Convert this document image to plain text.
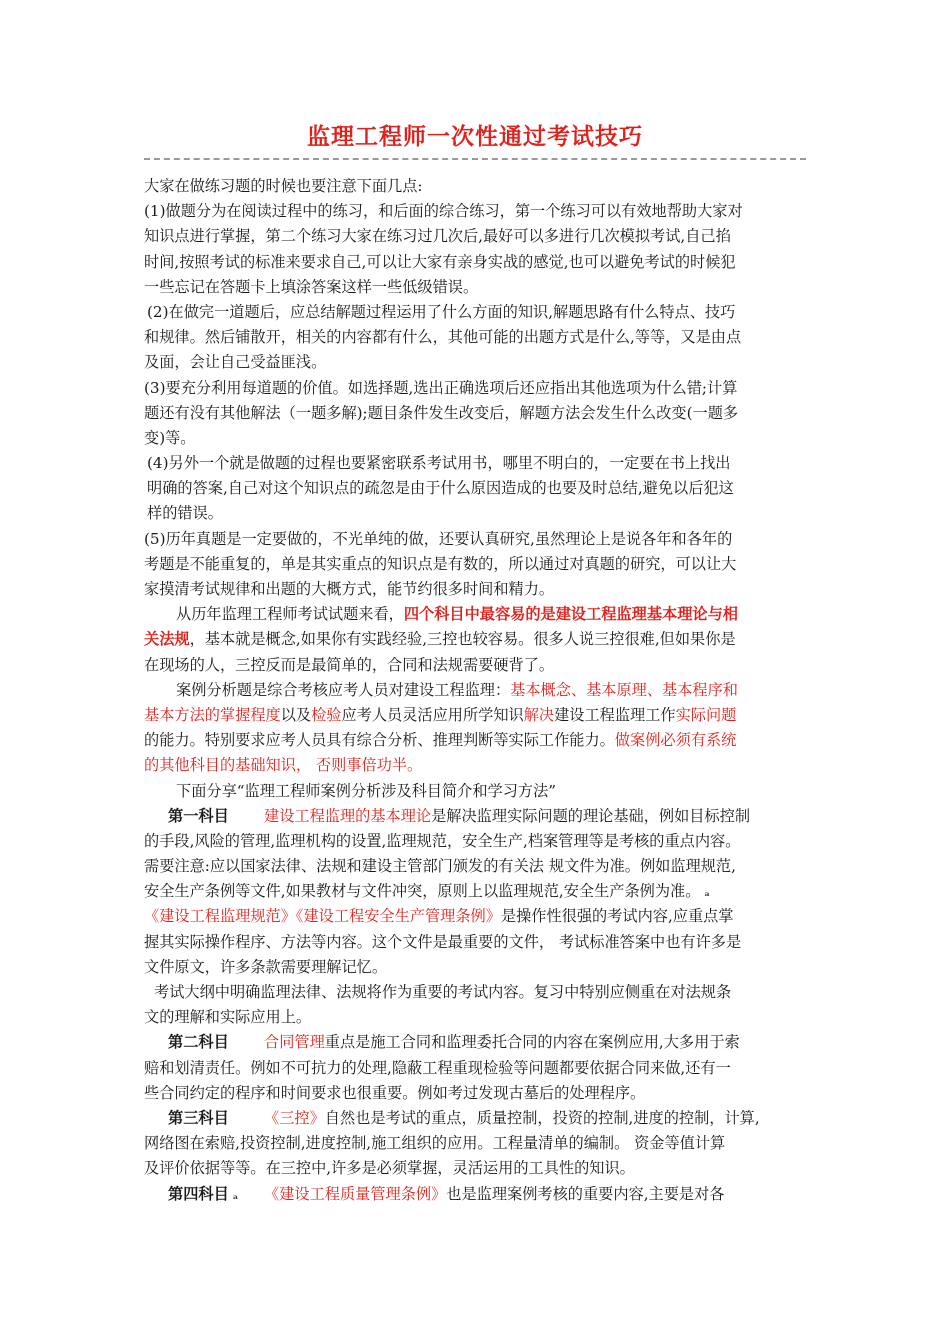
监理工程师一次性通过考试技巧
大家在做练习题的时候也要注意下面几点:
(1)做题分为在阅读过程中的练习，和后面的综合练习，第一个练习可以有效地帮助大家对
知识点进行掌握，第二个练习大家在练习过几次后,最好可以多进行几次模拟考试,自己掐
时间,按照考试的标准来要求自己,可以让大家有亲身实战的感觉,也可以避免考试的时候犯
一些忘记在答题卡上填涂答案这样一些低级错误。
(2)在做完一道题后，应总结解题过程运用了什么方面的知识,解题思路有什么特点、技巧
和规律。然后铺散开，相关的内容都有什么，其他可能的出题方式是什么,等等，又是由点
及面，会让自己受益匪浅。
(3)要充分利用每道题的价值。如选择题,选出正确选项后还应指出其他选项为什么错;计算
题还有没有其他解法（一题多解);题目条件发生改变后，解题方法会发生什么改变(一题多
变)等。
(4)另外一个就是做题的过程也要紧密联系考试用书，哪里不明白的，一定要在书上找出
明确的答案,自己对这个知识点的疏忽是由于什么原因造成的也要及时总结,避免以后犯这
样的错误。
(5)历年真题是一定要做的，不光单纯的做，还要认真研究,虽然理论上是说各年和各年的
考题是不能重复的，单是其实重点的知识点是有数的，所以通过对真题的研究，可以让大
家摸清考试规律和出题的大概方式，能节约很多时间和精力。
从历年监理工程师考试试题来看，四个科目中最容易的是建设工程监理基本理论与相
关法规，基本就是概念,如果你有实践经验,三控也较容易。很多人说三控很难,但如果你是
在现场的人，三控反而是最简单的，合同和法规需要硬背了。
案例分析题是综合考核应考人员对建设工程监理：基本概念、基本原理、基本程序和
基本方法的掌握程度以及检验应考人员灵活应用所学知识解决建设工程监理工作实际问题
的能力。特别要求应考人员具有综合分析、推理判断等实际工作能力。做案例必须有系统
的其他科目的基础知识， 否则事倍功半。
下面分享“监理工程师案例分析涉及科目简介和学习方法”
第一科目 建设工程监理的基本理论是解决监理实际问题的理论基础，例如目标控制
的手段,风险的管理,监理机构的设置,监理规范，安全生产,档案管理等是考核的重点内容。
需要注意:应以国家法律、法规和建设主管部门颁发的有关法 规文件为准。例如监理规范,
安全生产条例等文件,如果教材与文件冲突，原则上以监理规范,安全生产条例为准。 ₐ
《建设工程监理规范》《建设工程安全生产管理条例》是操作性很强的考试内容,应重点掌
握其实际操作程序、方法等内容。这个文件是最重要的文件， 考试标准答案中也有许多是
文件原文，许多条款需要理解记忆。
考试大纲中明确监理法律、法规将作为重要的考试内容。复习中特别应侧重在对法规条
文的理解和实际应用上。
第二科目 合同管理重点是施工合同和监理委托合同的内容在案例应用,大多用于索
赔和划清责任。例如不可抗力的处理,隐蔽工程重现检验等问题都要依据合同来做,还有一
些合同约定的程序和时间要求也很重要。例如考过发现古墓后的处理程序。
第三科目 《三控》自然也是考试的重点，质量控制，投资的控制,进度的控制，计算,
网络图在索赔,投资控制,进度控制,施工组织的应用。工程量清单的编制。 资金等值计算
及评价依据等等。在三控中,许多是必须掌握，灵活运用的工具性的知识。
第四科目 ₐ 《建设工程质量管理条例》也是监理案例考核的重要内容,主要是对各
